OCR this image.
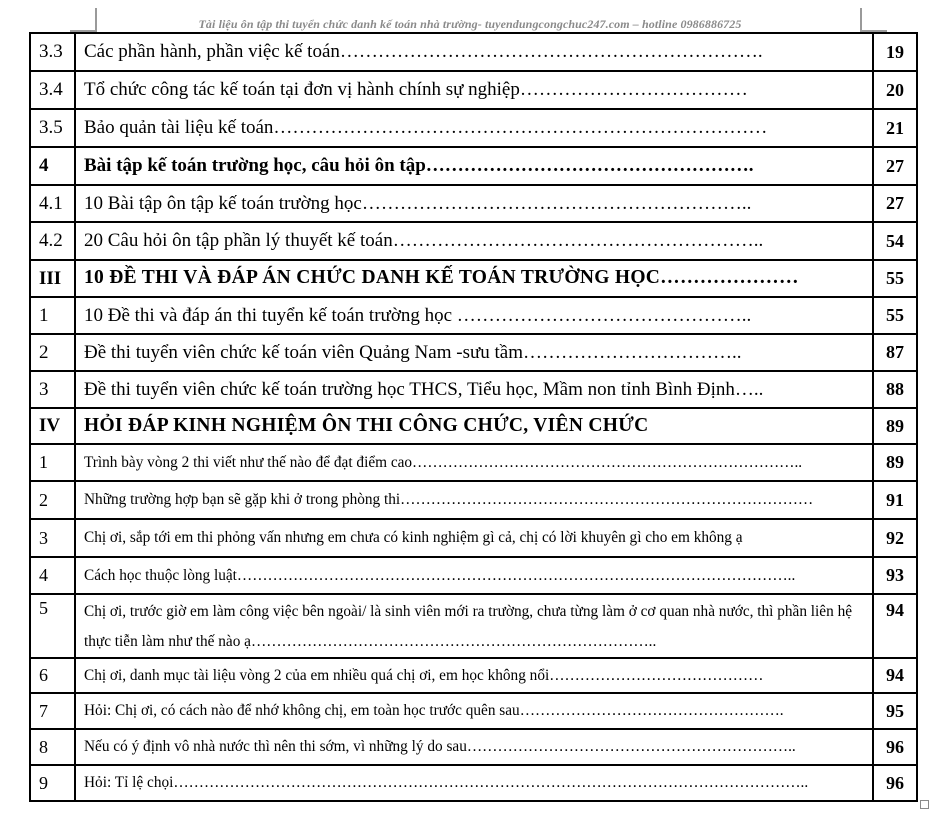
Tài liệu ôn tập thi tuyển chức danh kế toán nhà trường- tuyendungcongchuc247.com – hotline 0986886725
3.3	Các phần hành, phần việc kế toán………………………………………………………….	19
3.4	Tổ chức công tác kế toán tại đơn vị hành chính sự nghiệp………………………………	20
3.5	Bảo quản tài liệu kế toán……………………………………………………………………	21
4	Bài tập kế toán trường học, câu hỏi ôn tập…………………………………………….	27
4.1	10 Bài tập ôn tập kế toán trường học……………………………………………………..	27
4.2	20 Câu hỏi ôn tập phần lý thuyết kế toán…………………………………………………..	54
III	10 ĐỀ THI VÀ ĐÁP ÁN CHỨC DANH KẾ TOÁN TRƯỜNG HỌC…………………	55
1	10 Đề thi và đáp án thi tuyển kế toán trường học ………………………………………..	55
2	Đề thi tuyển viên chức kế toán viên Quảng Nam -sưu tầm……………………………..	87
3	Đề thi tuyển viên chức kế toán trường học THCS, Tiểu học, Mầm non tỉnh Bình Định…..	88
IV	HỎI ĐÁP KINH NGHIỆM ÔN THI CÔNG CHỨC, VIÊN CHỨC	89
1	Trình bày vòng 2 thi viết như thế nào để đạt điểm cao…………………………………………………………………..	89
2	Những trường hợp bạn sẽ gặp khi ở trong phòng thi………………………………………………………………………	91
3	Chị ơi, sắp tới em thi phỏng vấn nhưng em chưa có kinh nghiệm gì cả, chị có lời khuyên gì cho em không ạ	92
4	Cách học thuộc lòng luật………………………………………………………………………………………………..	93
5	Chị ơi, trước giờ em làm công việc bên ngoài/ là sinh viên mới ra trường, chưa từng làm ở cơ quan nhà nước, thì phần liên hệ thực tiễn làm như thế nào ạ……………………………………………………………………..	94
6	Chị ơi, danh mục tài liệu vòng 2 của em nhiều quá chị ơi, em học không nổi……………………………………	94
7	Hỏi: Chị ơi, có cách nào để nhớ không chị, em toàn học trước quên sau…………………………………………….	95
8	Nếu có ý định vô nhà nước thì nên thi sớm, vì những lý do sau………………………………………………………..	96
9	Hỏi: Tỉ lệ chọi……………………………………………………………………………………………………………..	96
